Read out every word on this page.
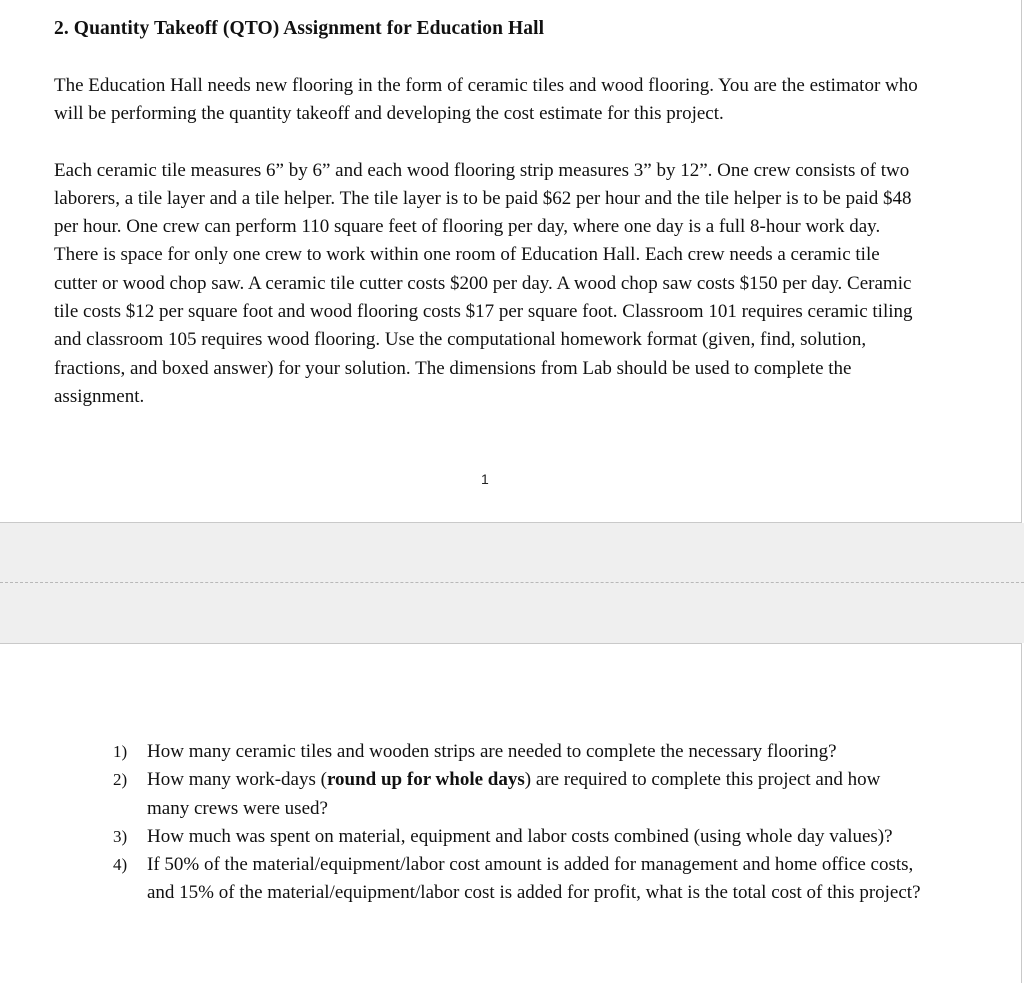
2. Quantity Takeoff (QTO) Assignment for Education Hall

The Education Hall needs new flooring in the form of ceramic tiles and wood flooring. You are the estimator who will be performing the quantity takeoff and developing the cost estimate for this project.

Each ceramic tile measures 6” by 6” and each wood flooring strip measures 3” by 12”. One crew consists of two laborers, a tile layer and a tile helper. The tile layer is to be paid $62 per hour and the tile helper is to be paid $48 per hour. One crew can perform 110 square feet of flooring per day, where one day is a full 8-hour work day. There is space for only one crew to work within one room of Education Hall. Each crew needs a ceramic tile cutter or wood chop saw. A ceramic tile cutter costs $200 per day. A wood chop saw costs $150 per day. Ceramic tile costs $12 per square foot and wood flooring costs $17 per square foot. Classroom 101 requires ceramic tiling and classroom 105 requires wood flooring. Use the computational homework format (given, find, solution, fractions, and boxed answer) for your solution. The dimensions from Lab should be used to complete the assignment.

1
1) How many ceramic tiles and wooden strips are needed to complete the necessary flooring?
2) How many work-days (round up for whole days) are required to complete this project and how many crews were used?
3) How much was spent on material, equipment and labor costs combined (using whole day values)?
4) If 50% of the material/equipment/labor cost amount is added for management and home office costs, and 15% of the material/equipment/labor cost is added for profit, what is the total cost of this project?
